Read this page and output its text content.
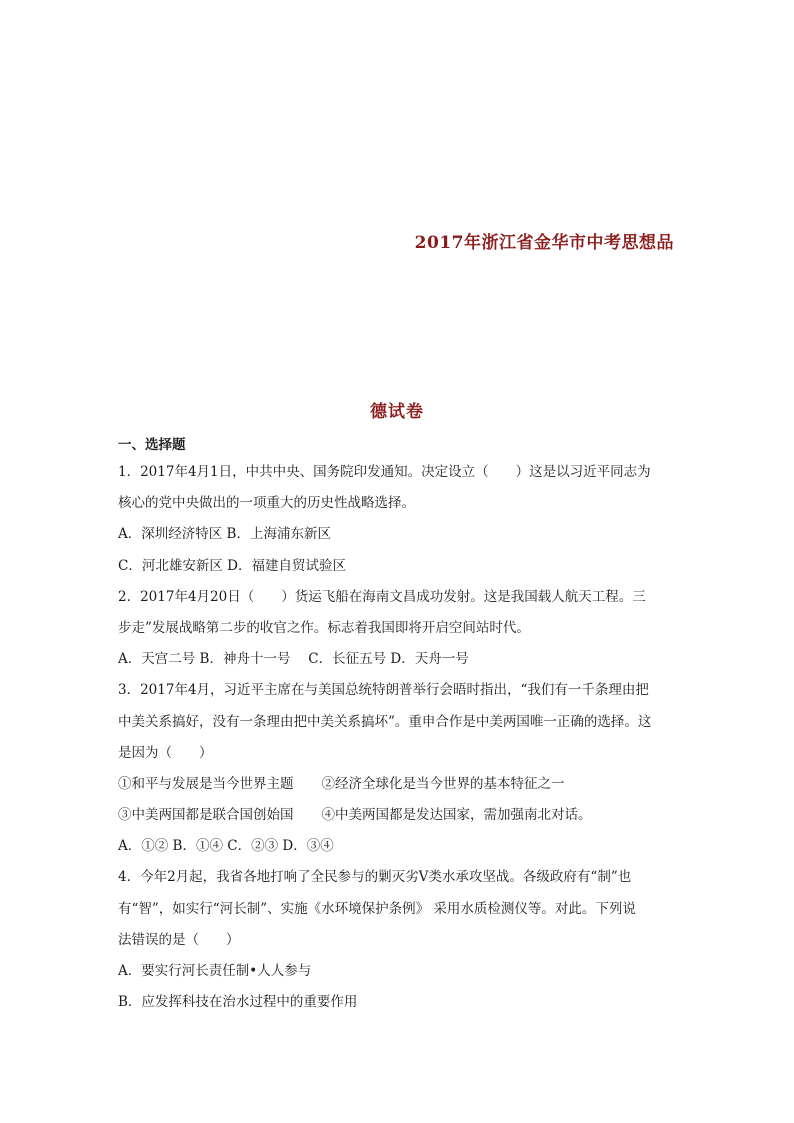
2017年浙江省金华市中考思想品
德试卷
一、选择题
1．2017年4月1日，中共中央、国务院印发通知。决定设立（　　）这是以习近平同志为
核心的党中央做出的一项重大的历史性战略选择。
A．深圳经济特区 B．上海浦东新区
C．河北雄安新区 D．福建自贸试验区
2．2017年4月20日（　　）货运飞船在海南文昌成功发射。这是我国载人航天工程。三
步走”发展战略第二步的收官之作。标志着我国即将开启空间站时代。
A．天宫二号 B．神舟十一号　 C．长征五号 D．天舟一号
3．2017年4月，习近平主席在与美国总统特朗普举行会晤时指出，“我们有一千条理由把
中美关系搞好，没有一条理由把中美关系搞坏”。重申合作是中美两国唯一正确的选择。这
是因为（　　）
①和平与发展是当今世界主题 ②经济全球化是当今世界的基本特征之一
③中美两国都是联合国创始国 ④中美两国都是发达国家，需加强南北对话。
A．①② B．①④ C．②③ D．③④
4．今年2月起，我省各地打响了全民参与的剿灭劣Ⅴ类水承攻坚战。各级政府有“制”也
有“智”，如实行“河长制”、实施《水环境保护条例》 采用水质检测仪等。对此。下列说
法错误的是（　　）
A．要实行河长责任制•人人参与
B．应发挥科技在治水过程中的重要作用
